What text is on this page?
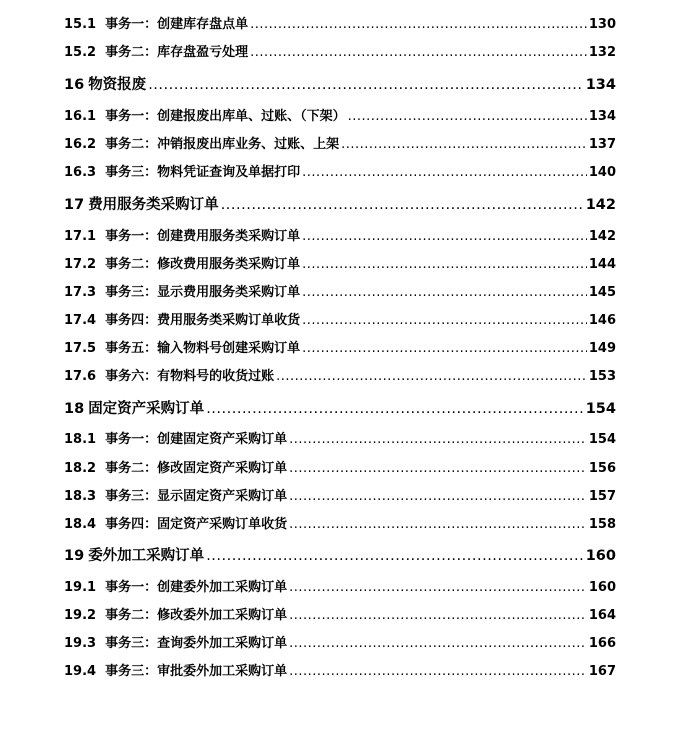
15.1 事务一：创建库存盘点单 .....	130
15.2 事务二：库存盘盈亏处理 .....	132
16 物资报废 .....	134
16.1 事务一：创建报废出库单、过账、（下架） .....	134
16.2 事务二：冲销报废出库业务、过账、上架 .....	137
16.3 事务三：物料凭证查询及单据打印 .....	140
17 费用服务类采购订单 .....	142
17.1 事务一：创建费用服务类采购订单 .....	142
17.2 事务二：修改费用服务类采购订单 .....	144
17.3 事务三：显示费用服务类采购订单 .....	145
17.4 事务四：费用服务类采购订单收货 .....	146
17.5 事务五：输入物料号创建采购订单 .....	149
17.6 事务六：有物料号的收货过账 .....	153
18 固定资产采购订单 .....	154
18.1 事务一：创建固定资产采购订单 .....	154
18.2 事务二：修改固定资产采购订单 .....	156
18.3 事务三：显示固定资产采购订单 .....	157
18.4 事务四：固定资产采购订单收货 .....	158
19 委外加工采购订单 .....	160
19.1 事务一：创建委外加工采购订单 .....	160
19.2 事务二：修改委外加工采购订单 .....	164
19.3 事务三：查询委外加工采购订单 .....	166
19.4 事务三：审批委外加工采购订单 .....	167
